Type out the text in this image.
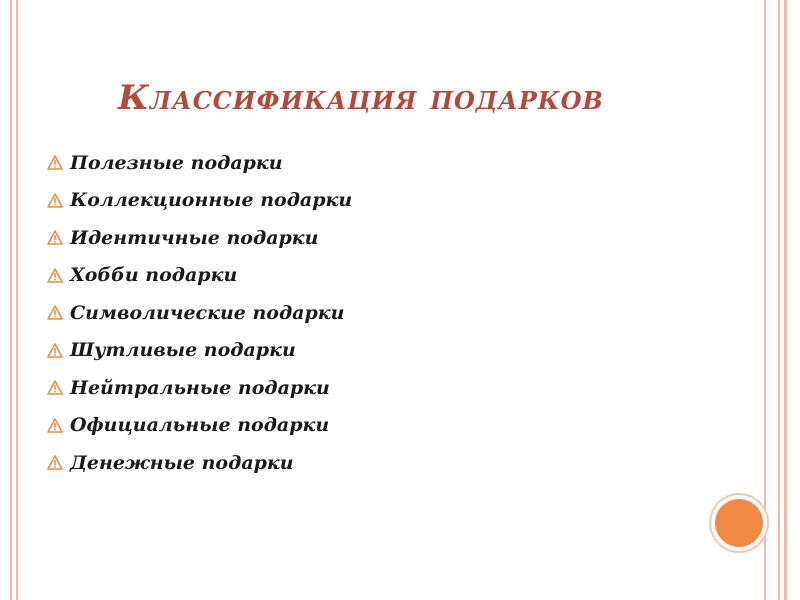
Классификация подарков
Полезные подарки
Коллекционные подарки
Идентичные подарки
Хобби подарки
Символические подарки
Шутливые подарки
Нейтральные подарки
Официальные подарки
Денежные подарки
